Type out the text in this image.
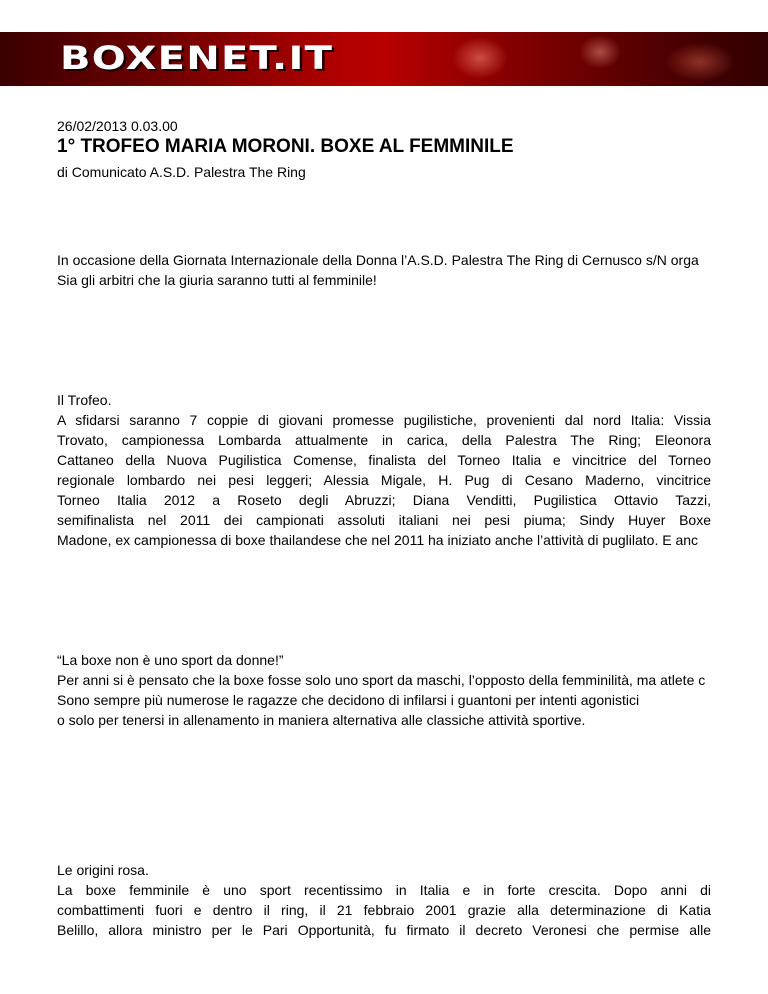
BOXENET.IT
26/02/2013 0.03.00
1° TROFEO MARIA MORONI. BOXE AL FEMMINILE
di Comunicato A.S.D. Palestra The Ring
In occasione della Giornata Internazionale della Donna l’A.S.D. Palestra The Ring di Cernusco s/N orga
Sia gli arbitri che la giuria saranno tutti al femminile!
Il Trofeo.
A sfidarsi saranno 7 coppie di giovani promesse pugilistiche, provenienti dal nord Italia: Vissia
Trovato, campionessa Lombarda attualmente in carica, della Palestra The Ring; Eleonora
Cattaneo della Nuova Pugilistica Comense, finalista del Torneo Italia e vincitrice del Torneo
regionale lombardo nei pesi leggeri; Alessia Migale, H. Pug di Cesano Maderno, vincitrice
Torneo Italia 2012 a Roseto degli Abruzzi; Diana Venditti, Pugilistica Ottavio Tazzi,
semifinalista nel 2011 dei campionati assoluti italiani nei pesi piuma; Sindy Huyer Boxe
Madone, ex campionessa di boxe thailandese che nel 2011 ha iniziato anche l’attività di puglilato. E anc
“La boxe non è uno sport da donne!”
Per anni si è pensato che la boxe fosse solo uno sport da maschi, l’opposto della femminilità, ma atlete c
Sono sempre più numerose le ragazze che decidono di infilarsi i guantoni per intenti agonistici
o solo per tenersi in allenamento in maniera alternativa alle classiche attività sportive.
Le origini rosa.
La boxe femminile è uno sport recentissimo in Italia e in forte crescita. Dopo anni di
combattimenti fuori e dentro il ring, il 21 febbraio 2001 grazie alla determinazione di Katia
Belillo, allora ministro per le Pari Opportunità, fu firmato il decreto Veronesi che permise alle
